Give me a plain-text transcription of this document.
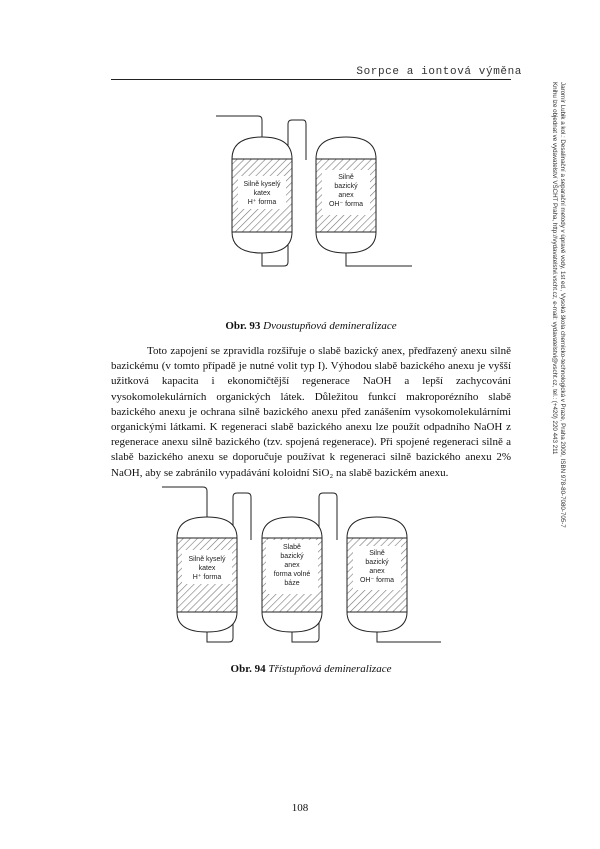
Sorpce a iontová výměna
Jaromír Lubik a kol.: Desalinační a separační metody v úpravě vody, 1st ed., Vysoká škola chemicko-technologická v Praze, Praha 2009, ISBN 978-80-7080-705-7
Knihu lze objednat ve vydavatelství VŠCHT Praha, http://vydavatelstvi.vscht.cz, e-mail: vydavatelstvi@vscht.cz, tel.: (+420) 220 443 211
Silně kyselý
katex
H⁺ forma
Silně
bazický
anex
OH⁻ forma
Silně kyselý
katex
H⁺ forma
Slabě
bazický
anex
forma volné
báze
Silně
bazický
anex
OH⁻ forma
Obr. 93 Dvoustupňová demineralizace
Toto zapojení se zpravidla rozšiřuje o slabě bazický anex, předřazený anexu silně bazickému (v tomto případě je nutné volit typ I). Výhodou slabě bazického anexu je vyšší užitková kapacita i ekonomičtější regenerace NaOH a lepší zachycování vysokomolekulárních organických látek. Důležitou funkcí makroporézního slabě bazického anexu je ochrana silně bazického anexu před zanášením vysokomolekulárními organickými látkami. K regeneraci slabě bazického anexu lze použít odpadního NaOH z regenerace anexu silně bazického (tzv. spojená regenerace). Při spojené regeneraci silně a slabě bazického anexu se doporučuje používat k regeneraci silně bazického anexu 2% NaOH, aby se zabránilo vypadávání koloidní SiO₂ na slabě bazickém anexu.
Obr. 94 Třístupňová demineralizace
108
